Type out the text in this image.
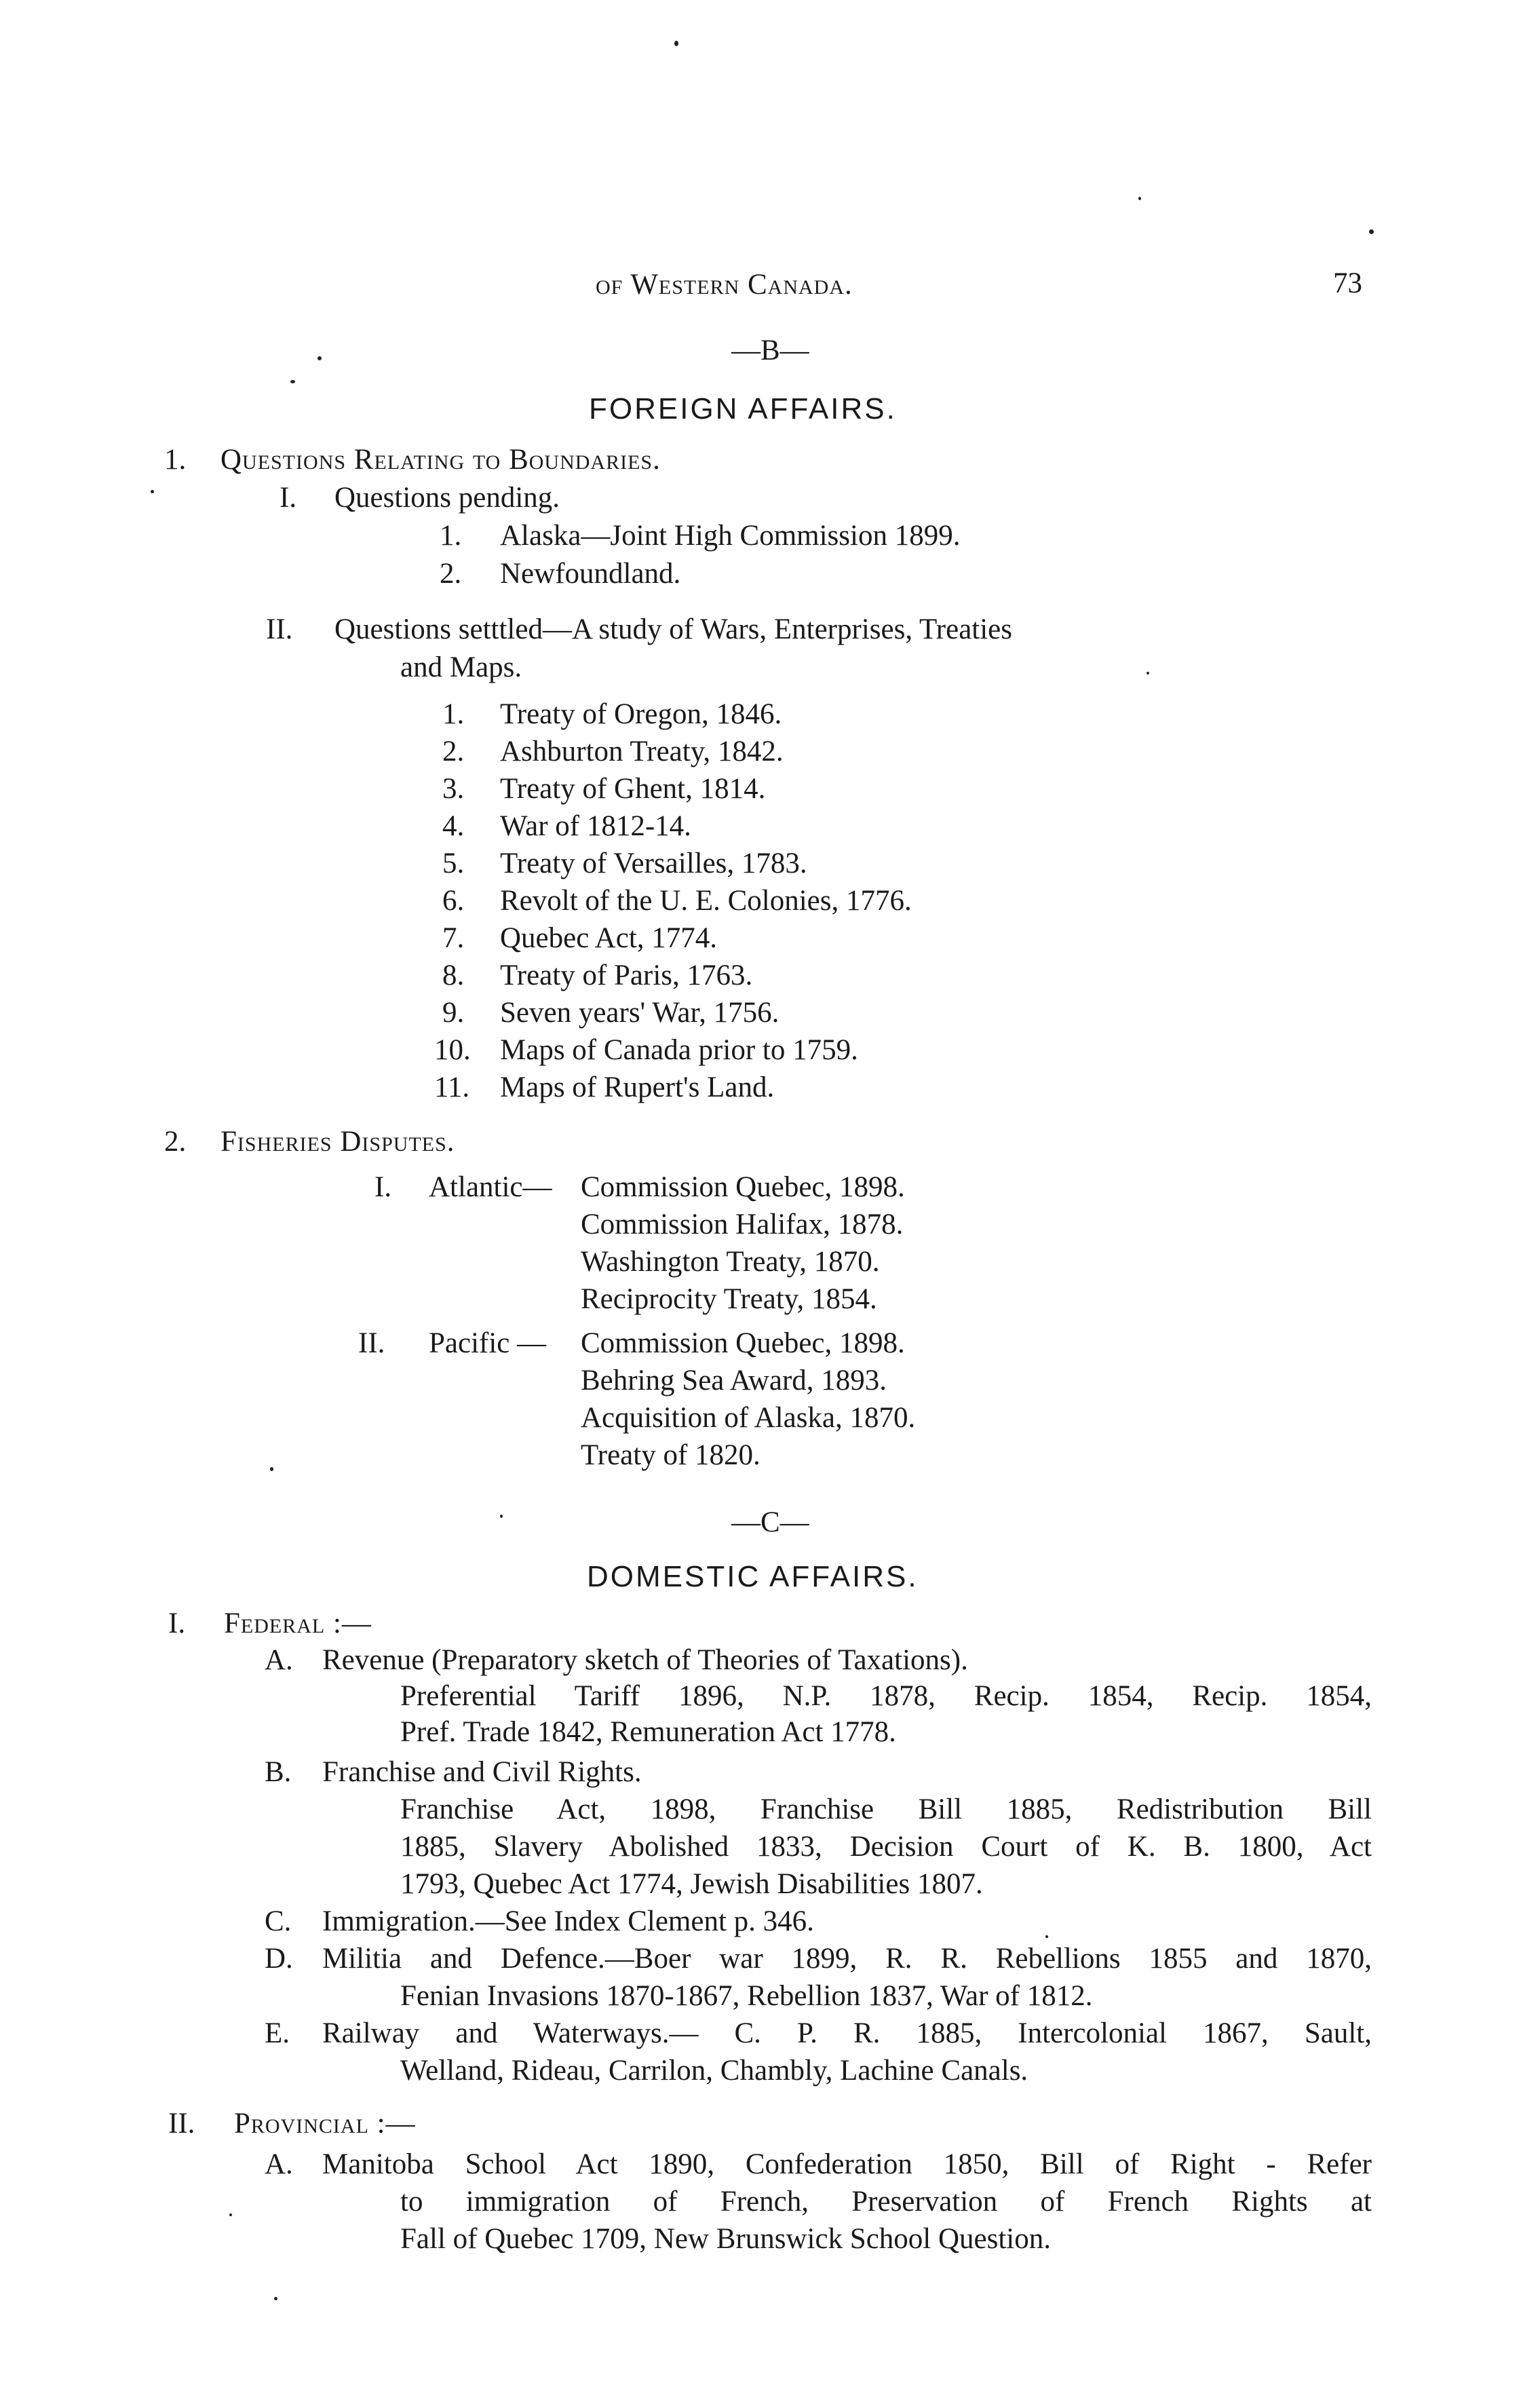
of Western Canada.	73
—B—
FOREIGN AFFAIRS.
1. Questions Relating to Boundaries.
I. Questions pending.
1. Alaska—Joint High Commission 1899.
2. Newfoundland.
II. Questions setttled—A study of Wars, Enterprises, Treaties
and Maps.
1. Treaty of Oregon, 1846.
2. Ashburton Treaty, 1842.
3. Treaty of Ghent, 1814.
4. War of 1812-14.
5. Treaty of Versailles, 1783.
6. Revolt of the U. E. Colonies, 1776.
7. Quebec Act, 1774.
8. Treaty of Paris, 1763.
9. Seven years' War, 1756.
10. Maps of Canada prior to 1759.
11. Maps of Rupert's Land.
2. Fisheries Disputes.
I. Atlantic— Commission Quebec, 1898.
Commission Halifax, 1878.
Washington Treaty, 1870.
Reciprocity Treaty, 1854.
II. Pacific — Commission Quebec, 1898.
Behring Sea Award, 1893.
Acquisition of Alaska, 1870.
Treaty of 1820.
—C—
DOMESTIC AFFAIRS.
I. Federal :—
A. Revenue (Preparatory sketch of Theories of Taxations).
Preferential Tariff 1896, N.P. 1878, Recip. 1854, Recip. 1854,
Pref. Trade 1842, Remuneration Act 1778.
B. Franchise and Civil Rights.
Franchise Act, 1898, Franchise Bill 1885, Redistribution Bill
1885, Slavery Abolished 1833, Decision Court of K. B. 1800, Act
1793, Quebec Act 1774, Jewish Disabilities 1807.
C. Immigration.—See Index Clement p. 346.
D. Militia and Defence.—Boer war 1899, R. R. Rebellions 1855 and 1870,
Fenian Invasions 1870-1867, Rebellion 1837, War of 1812.
E. Railway and Waterways.— C. P. R. 1885, Intercolonial 1867, Sault,
Welland, Rideau, Carrilon, Chambly, Lachine Canals.
II. Provincial :—
A. Manitoba School Act 1890, Confederation 1850, Bill of Right - Refer
to immigration of French, Preservation of French Rights at
Fall of Quebec 1709, New Brunswick School Question.
